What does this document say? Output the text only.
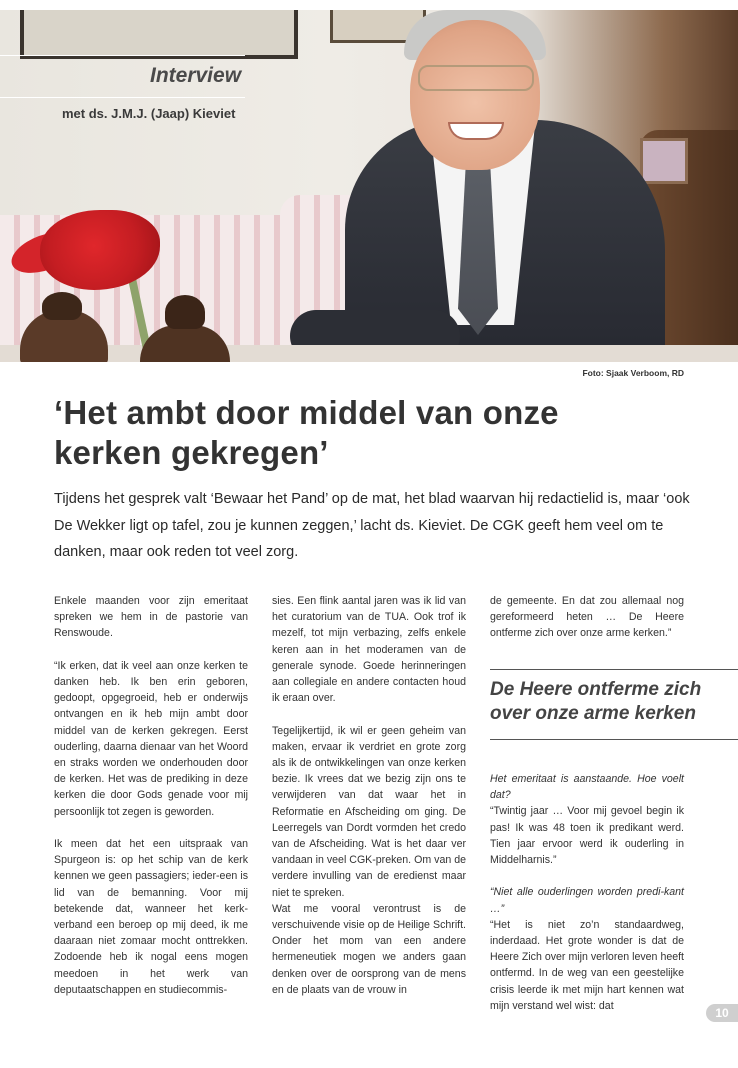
Interview
met ds. J.M.J. (Jaap) Kieviet
Foto: Sjaak Verboom, RD
‘Het ambt door middel van onze kerken gekregen’

Tijdens het gesprek valt ‘Bewaar het Pand’ op de mat, het blad waarvan hij redactielid is, maar ‘ook De Wekker ligt op tafel, zou je kunnen zeggen,’ lacht ds. Kieviet. De CGK geeft hem veel om te danken, maar ook reden tot veel zorg.

Enkele maanden voor zijn emeritaat spreken we hem in de pastorie van Renswoude.

“Ik erken, dat ik veel aan onze kerken te danken heb. Ik ben erin geboren, gedoopt, opgegroeid, heb er onderwijs ontvangen en ik heb mijn ambt door middel van de kerken gekregen. Eerst ouderling, daarna dienaar van het Woord en straks worden we onderhouden door de kerken. Het was de prediking in deze kerken die door Gods genade voor mij persoonlijk tot zegen is geworden.

Ik meen dat het een uitspraak van Spurgeon is: op het schip van de kerk kennen we geen passagiers; ieder-een is lid van de bemanning. Voor mij betekende dat, wanneer het kerk-verband een beroep op mij deed, ik me daaraan niet zomaar mocht onttrekken. Zodoende heb ik nogal eens mogen meedoen in het werk van deputaatschappen en studiecommis-

sies. Een flink aantal jaren was ik lid van het curatorium van de TUA. Ook trof ik mezelf, tot mijn verbazing, zelfs enkele keren aan in het moderamen van de generale synode. Goede herinneringen aan collegiale en andere contacten houd ik eraan over.

Tegelijkertijd, ik wil er geen geheim van maken, ervaar ik verdriet en grote zorg als ik de ontwikkelingen van onze kerken bezie. Ik vrees dat we bezig zijn ons te verwijderen van dat waar het in Reformatie en Afscheiding om ging. De Leerregels van Dordt vormden het credo van de Afscheiding. Wat is het daar ver vandaan in veel CGK-preken. Om van de verdere invulling van de eredienst maar niet te spreken.

Wat me vooral verontrust is de verschuivende visie op de Heilige Schrift. Onder het mom van een andere hermeneutiek mogen we anders gaan denken over de oorsprong van de mens en de plaats van de vrouw in

de gemeente. En dat zou allemaal nog gereformeerd heten … De Heere ontferme zich over onze arme kerken.”

De Heere ontferme zich over onze arme kerken

Het emeritaat is aanstaande. Hoe voelt dat?

“Twintig jaar … Voor mij gevoel begin ik pas! Ik was 48 toen ik predikant werd. Tien jaar ervoor werd ik ouderling in Middelharnis.”

“Niet alle ouderlingen worden predi-kant …”

“Het is niet zo’n standaardweg, inderdaad. Het grote wonder is dat de Heere Zich over mijn verloren leven heeft ontfermd. In de weg van een geestelijke crisis leerde ik met mijn hart kennen wat mijn verstand wel wist: dat

10
